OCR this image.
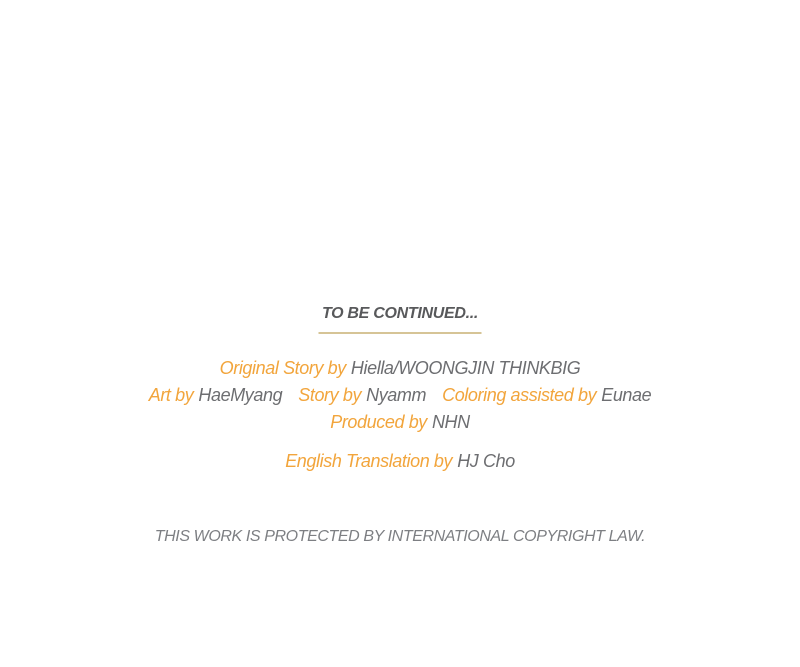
TO BE CONTINUED...
Original Story by Hiella/WOONGJIN THINKBIG
Art by HaeMyang Story by Nyamm Coloring assisted by Eunae
Produced by NHN
English Translation by HJ Cho
THIS WORK IS PROTECTED BY INTERNATIONAL COPYRIGHT LAW.
